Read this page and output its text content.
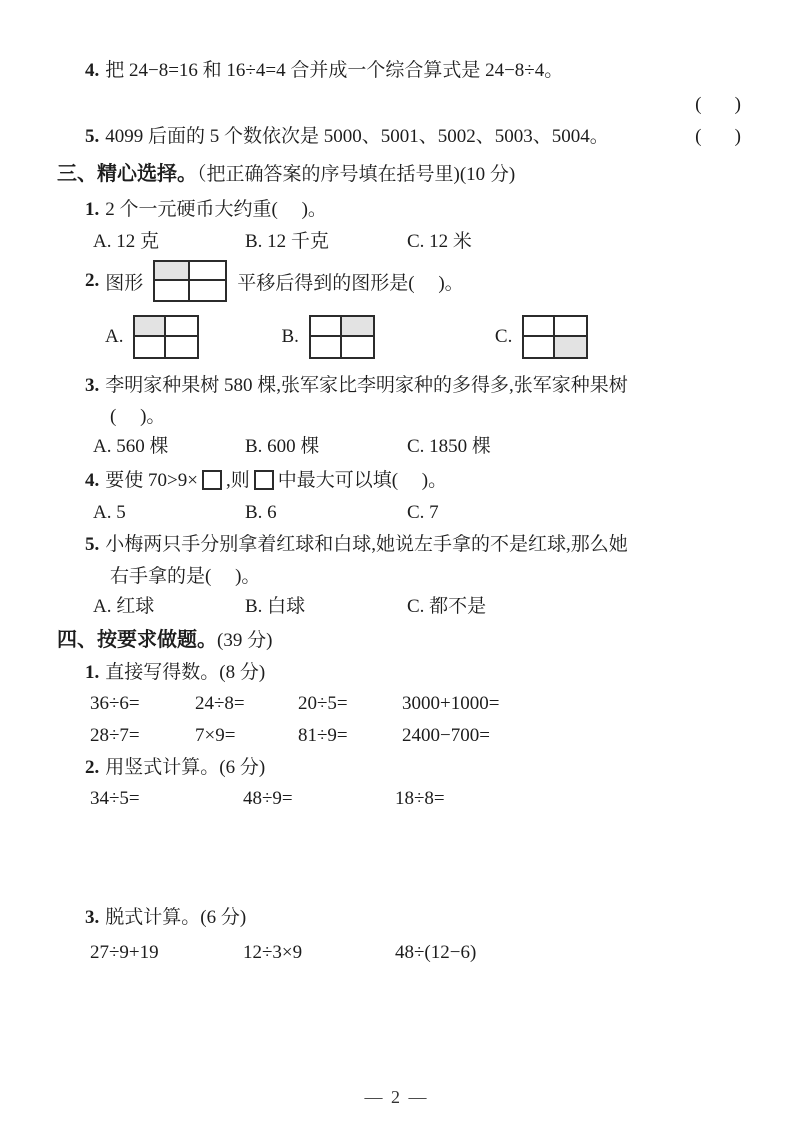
4. 把 24−8=16 和 16÷4=4 合并成一个综合算式是 24−8÷4。
(       )
5. 4099 后面的 5 个数依次是 5000、5001、5002、5003、5004。	(       )
三、精心选择。（把正确答案的序号填在括号里)(10 分)
1. 2 个一元硬币大约重(     )。
A. 12 克	B. 12 千克	C. 12 米
2. 图形	平移后得到的图形是(     )。
A.	B.	C.
3. 李明家种果树 580 棵,张军家比李明家种的多得多,张军家种果树
(     )。
A. 560 棵	B. 600 棵	C. 1850 棵
4. 要使 70>9× ,则 中最大可以填(     )。
A. 5	B. 6	C. 7
5. 小梅两只手分别拿着红球和白球,她说左手拿的不是红球,那么她
右手拿的是(     )。
A. 红球	B. 白球	C. 都不是
四、按要求做题。(39 分)
1. 直接写得数。(8 分)
36÷6=	24÷8=	20÷5=	3000+1000=
28÷7=	7×9=	81÷9=	2400−700=
2. 用竖式计算。(6 分)
34÷5=	48÷9=	18÷8=
3. 脱式计算。(6 分)
27÷9+19	12÷3×9	48÷(12−6)
— 2 —
